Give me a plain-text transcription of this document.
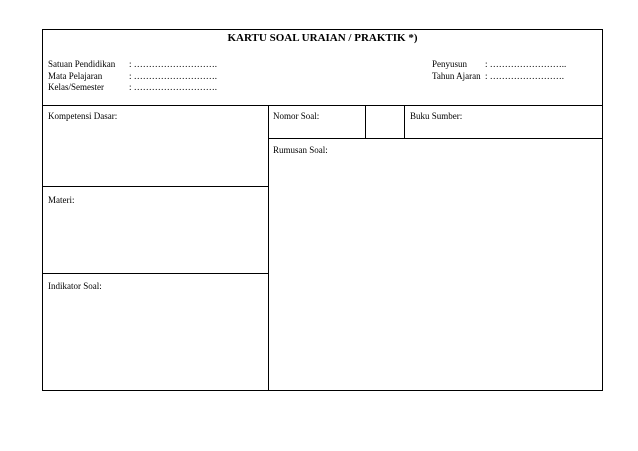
KARTU SOAL URAIAN / PRAKTIK *)
Satuan Pendidikan	: ……………………….
Mata Pelajaran	: ……………………….
Kelas/Semester	: ……………………….
Penyusun	: ……………………..
Tahun Ajaran : …………………….
Kompetensi Dasar:	Nomor Soal:	Buku Sumber:
Rumusan Soal:
Materi:
Indikator Soal:
